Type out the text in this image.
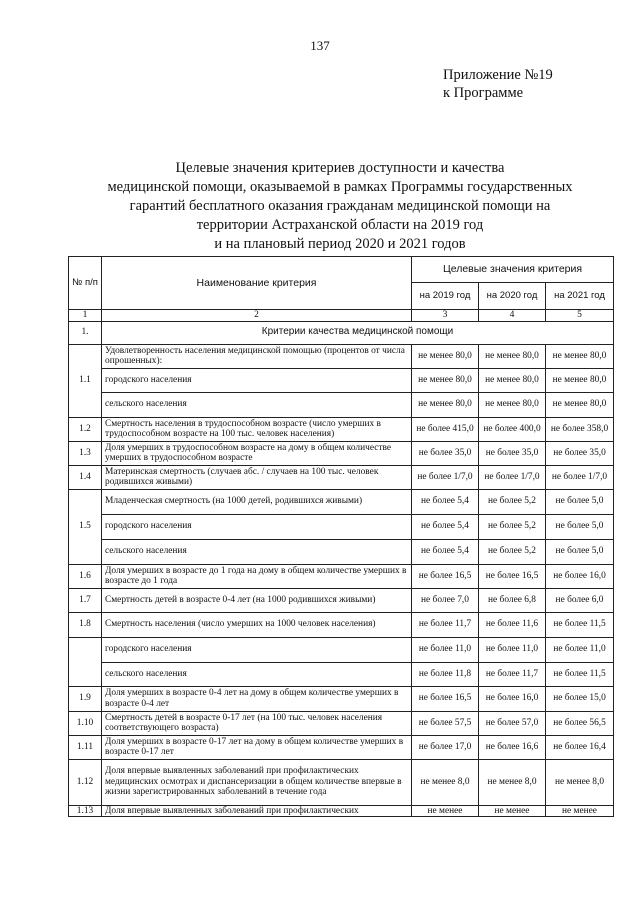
137
Приложение №19
к Программе
Целевые значения критериев доступности и качества
медицинской помощи, оказываемой в рамках Программы государственных
гарантий бесплатного оказания гражданам медицинской помощи на
территории Астраханской области на 2019 год
и на плановый период 2020 и 2021 годов
№ п/п	Наименование критерия	Целевые значения критерия		
		на 2019 год	на 2020 год	на 2021 год
1	2	3	4	5
1.	Критерии качества медицинской помощи			
1.1	Удовлетворенность населения медицинской помощью (процентов от числа опрошенных):	не менее 80,0	не менее 80,0	не менее 80,0
	городского населения	не менее 80,0	не менее 80,0	не менее 80,0
	сельского населения	не менее 80,0	не менее 80,0	не менее 80,0
1.2	Смертность населения в трудоспособном возрасте (число умерших в трудоспособном возрасте на 100 тыс. человек населения)	не более 415,0	не более 400,0	не более 358,0
1.3	Доля умерших в трудоспособном возрасте на дому в общем количестве умерших в трудоспособном возрасте	не более 35,0	не более 35,0	не более 35,0
1.4	Материнская смертность (случаев абс. / случаев на 100 тыс. человек родившихся живыми)	не более 1/7,0	не более 1/7,0	не более 1/7,0
1.5	Младенческая смертность (на 1000 детей, родившихся живыми)	не более 5,4	не более 5,2	не более 5,0
	городского населения	не более 5,4	не более 5,2	не более 5,0
	сельского населения	не более 5,4	не более 5,2	не более 5,0
1.6	Доля умерших в возрасте до 1 года на дому в общем количестве умерших в возрасте до 1 года	не более 16,5	не более 16,5	не более 16,0
1.7	Смертность детей в возрасте 0-4 лет (на 1000 родившихся живыми)	не более 7,0	не более 6,8	не более 6,0
1.8	Смертность населения (число умерших на 1000 человек населения)	не более 11,7	не более 11,6	не более 11,5
	городского населения	не более 11,0	не более 11,0	не более 11,0
	сельского населения	не более 11,8	не более 11,7	не более 11,5
1.9	Доля умерших в возрасте 0-4 лет на дому в общем количестве умерших в возрасте 0-4 лет	не более 16,5	не более 16,0	не более 15,0
1.10	Смертность детей в возрасте 0-17 лет (на 100 тыс. человек населения соответствующего возраста)	не более 57,5	не более 57,0	не более 56,5
1.11	Доля умерших в возрасте 0-17 лет на дому в общем количестве умерших в возрасте 0-17 лет	не более 17,0	не более 16,6	не более 16,4
1.12	Доля впервые выявленных заболеваний при профилактических медицинских осмотрах и диспансеризации в общем количестве впервые в жизни зарегистрированных заболеваний в течение года	не менее 8,0	не менее 8,0	не менее 8,0
1.13	Доля впервые выявленных заболеваний при профилактических	не менее	не менее	не менее
